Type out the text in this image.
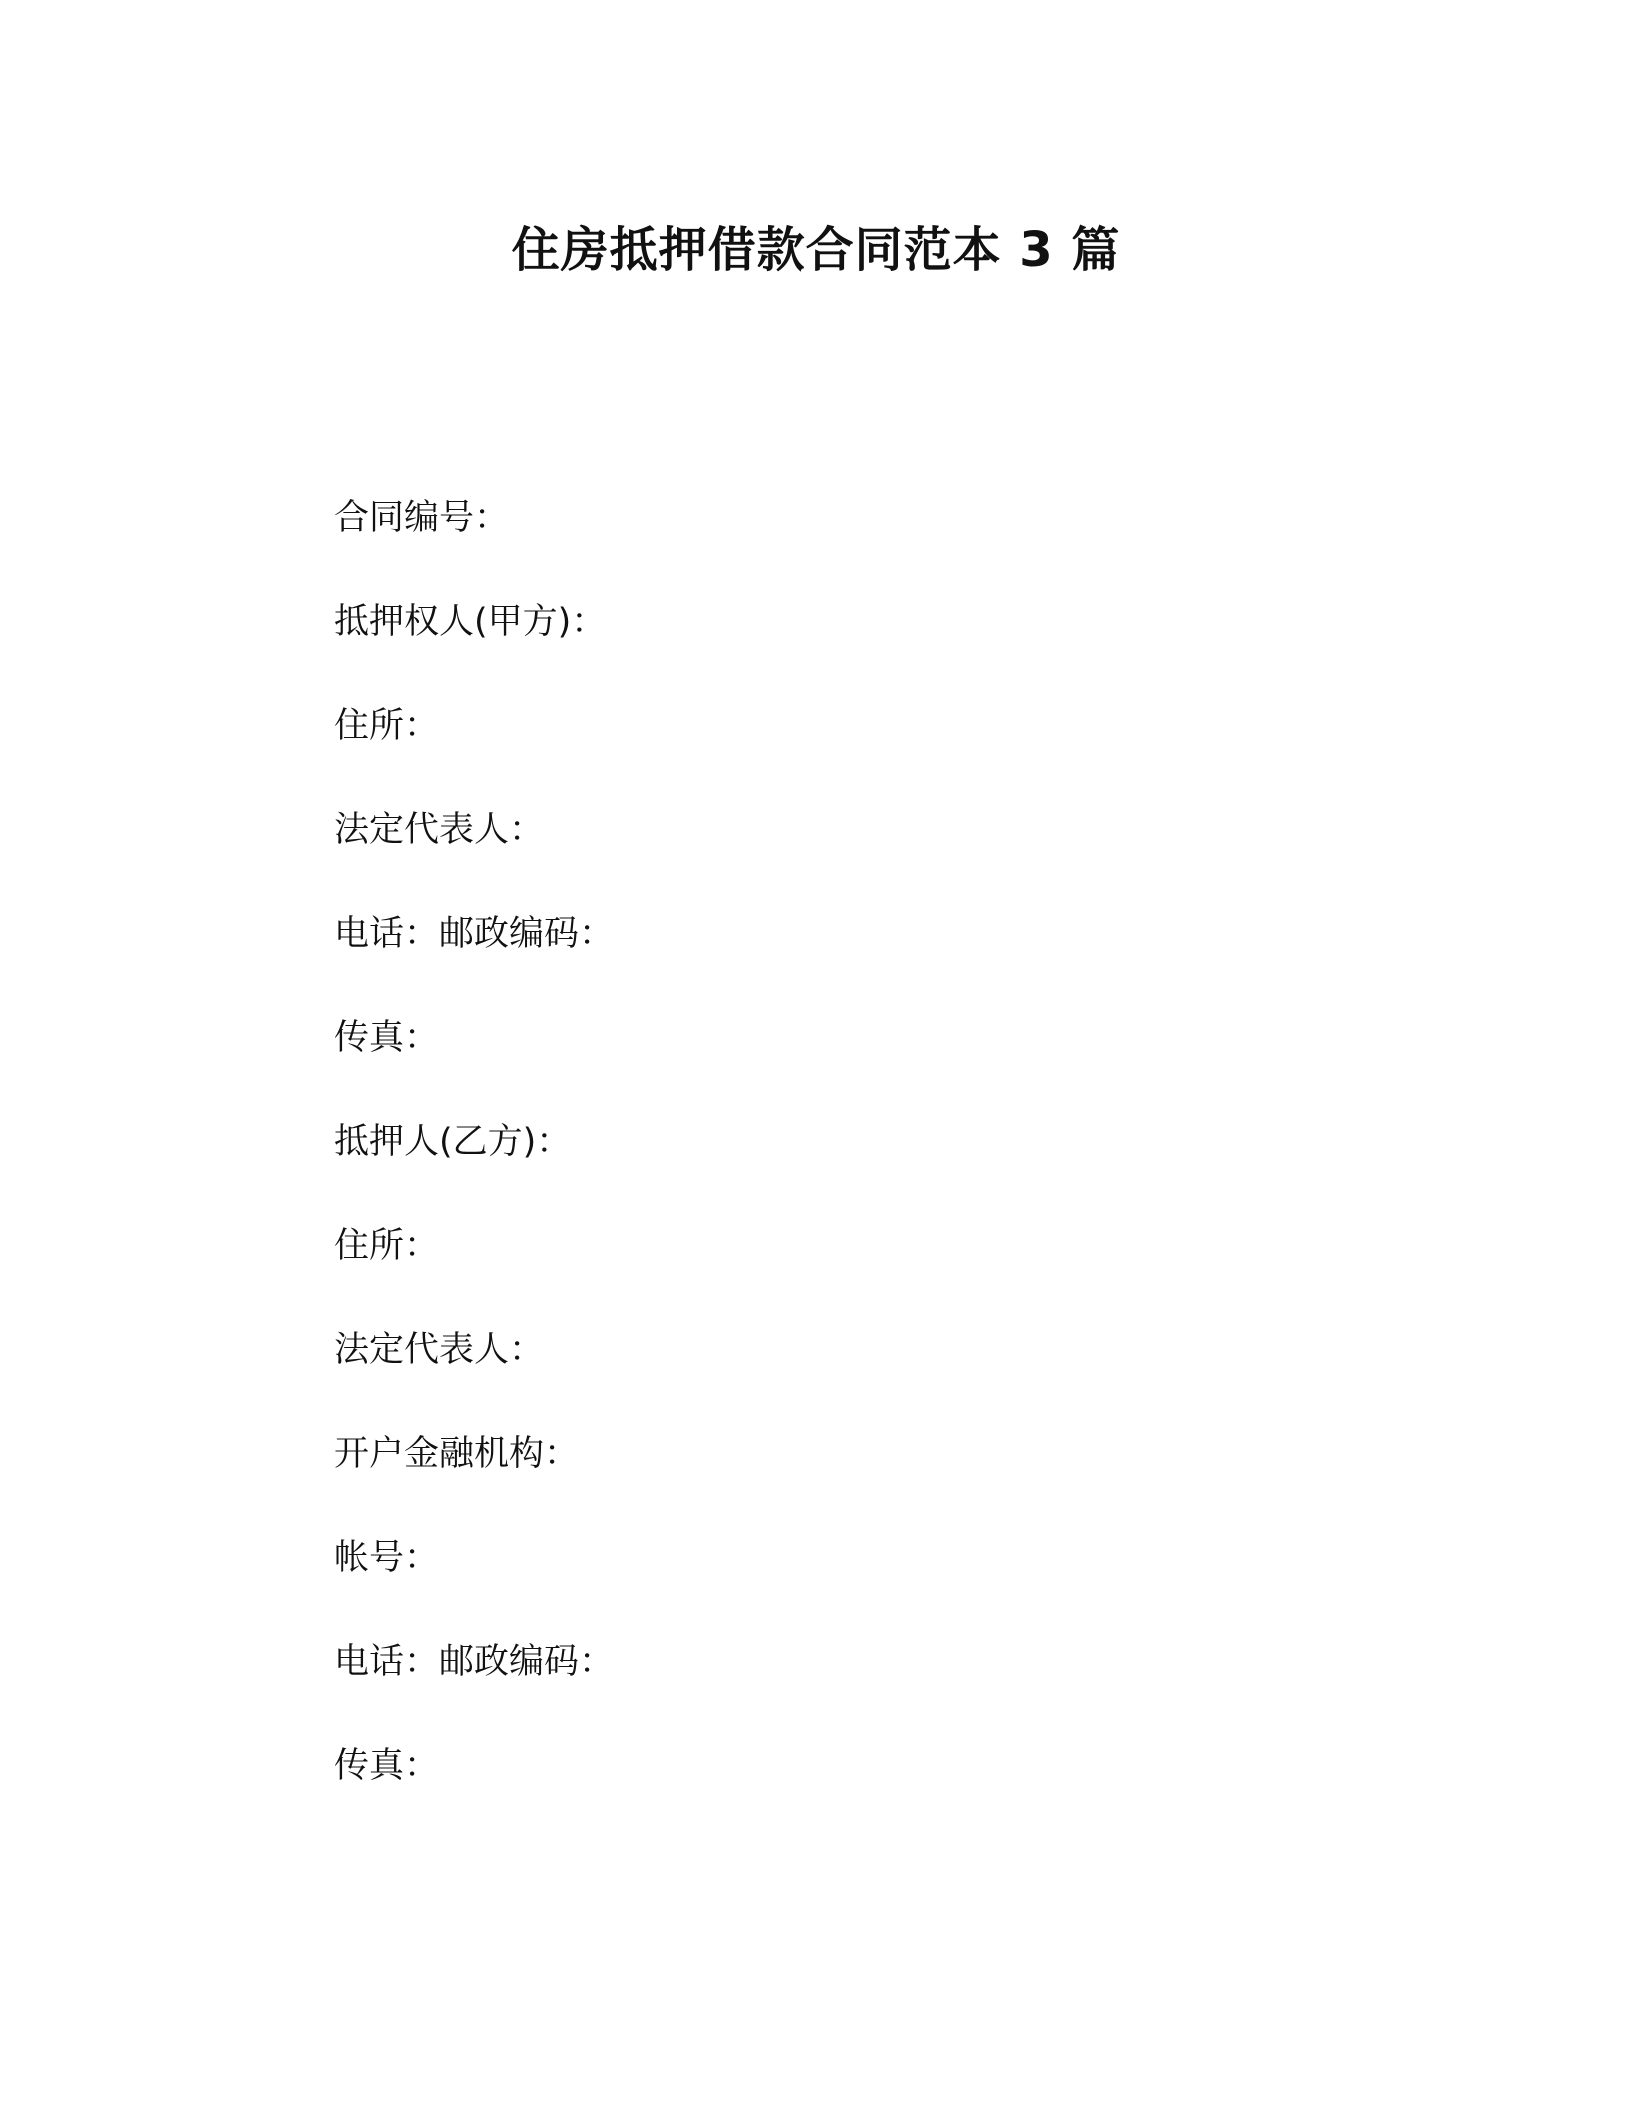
住房抵押借款合同范本 3 篇
合同编号：
抵押权人(甲方)：
住所：
法定代表人：
电话：邮政编码：
传真：
抵押人(乙方)：
住所：
法定代表人：
开户金融机构：
帐号：
电话：邮政编码：
传真：
